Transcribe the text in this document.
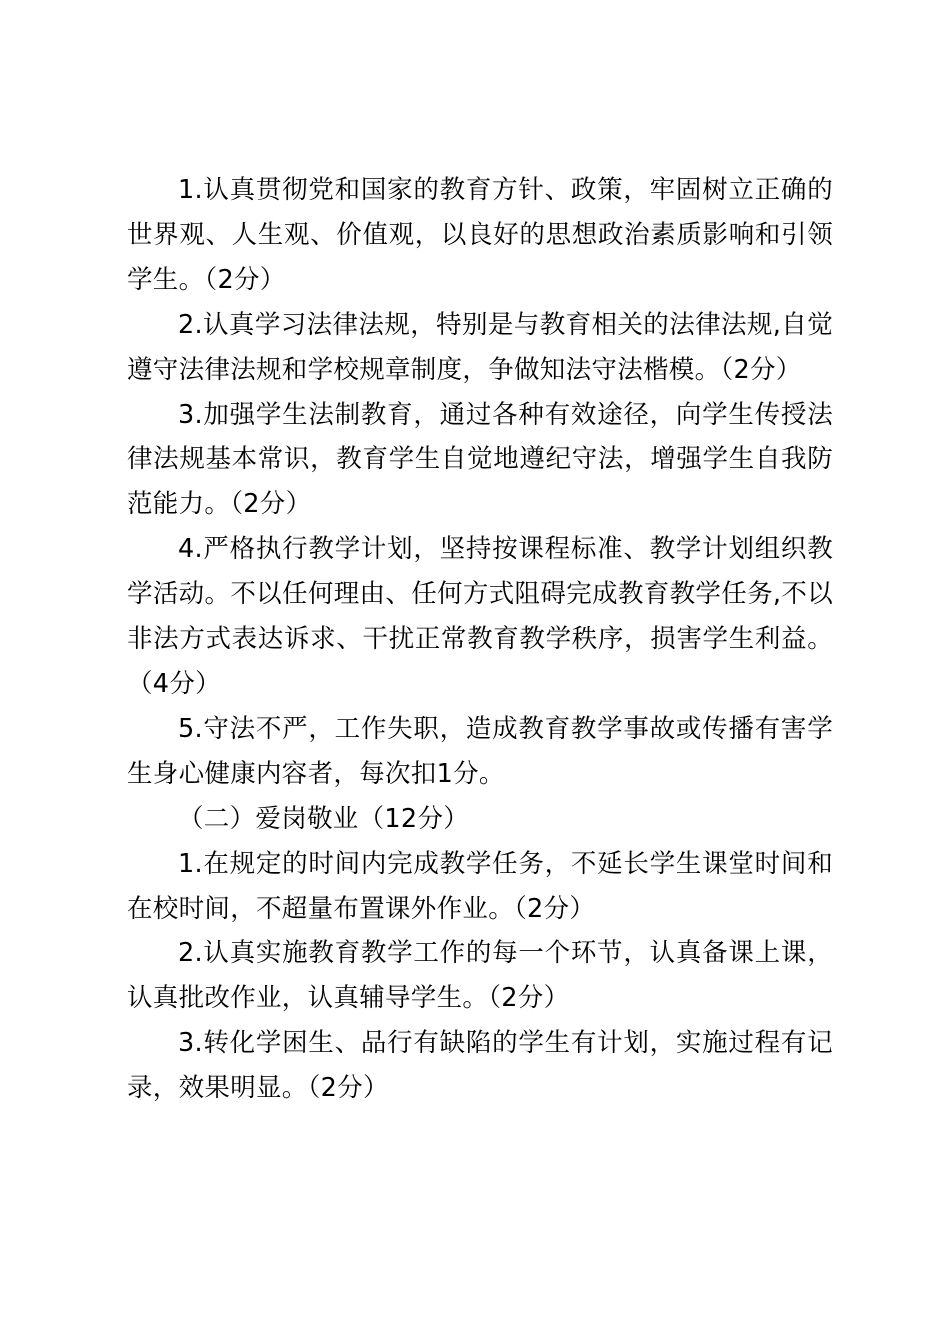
1.认真贯彻党和国家的教育方针、政策，牢固树立正确的世界观、人生观、价值观，以良好的思想政治素质影响和引领学生。（2分）

2.认真学习法律法规，特别是与教育相关的法律法规,自觉遵守法律法规和学校规章制度，争做知法守法楷模。（2分）

3.加强学生法制教育，通过各种有效途径，向学生传授法律法规基本常识，教育学生自觉地遵纪守法，增强学生自我防范能力。（2分）

4.严格执行教学计划，坚持按课程标准、教学计划组织教学活动。不以任何理由、任何方式阻碍完成教育教学任务,不以非法方式表达诉求、干扰正常教育教学秩序，损害学生利益。（4分）

5.守法不严，工作失职，造成教育教学事故或传播有害学生身心健康内容者，每次扣1分。

（二）爱岗敬业（12分）

1.在规定的时间内完成教学任务，不延长学生课堂时间和在校时间，不超量布置课外作业。（2分）

2.认真实施教育教学工作的每一个环节，认真备课上课，认真批改作业，认真辅导学生。（2分）

3.转化学困生、品行有缺陷的学生有计划，实施过程有记录，效果明显。（2分）
